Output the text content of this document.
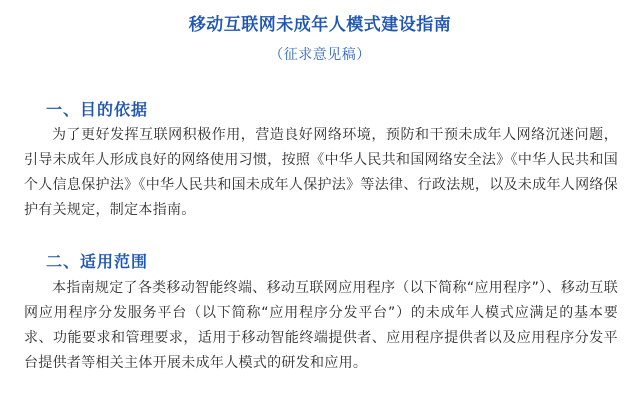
移动互联网未成年人模式建设指南
（征求意见稿）
一、目的依据
为了更好发挥互联网积极作用，营造良好网络环境，预防和干预未成年人网络沉迷问题，引导未成年人形成良好的网络使用习惯，按照《中华人民共和国网络安全法》《中华人民共和国个人信息保护法》《中华人民共和国未成年人保护法》等法律、行政法规，以及未成年人网络保护有关规定，制定本指南。
二、适用范围
本指南规定了各类移动智能终端、移动互联网应用程序（以下简称“应用程序”）、移动互联网应用程序分发服务平台（以下简称“应用程序分发平台”）的未成年人模式应满足的基本要求、功能要求和管理要求，适用于移动智能终端提供者、应用程序提供者以及应用程序分发平台提供者等相关主体开展未成年人模式的研发和应用。
